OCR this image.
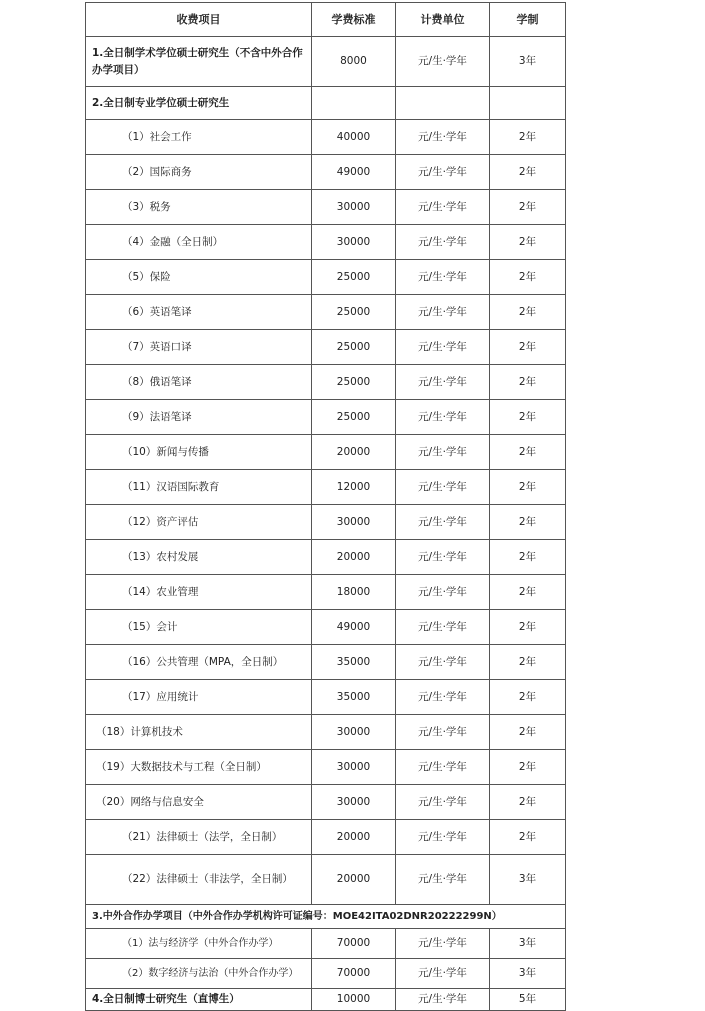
收费项目	学费标准	计费单位	学制
1.全日制学术学位硕士研究生（不含中外合作办学项目）	8000	元/生·学年	3年
2.全日制专业学位硕士研究生			
（1）社会工作	40000	元/生·学年	2年
（2）国际商务	49000	元/生·学年	2年
（3）税务	30000	元/生·学年	2年
（4）金融（全日制）	30000	元/生·学年	2年
（5）保险	25000	元/生·学年	2年
（6）英语笔译	25000	元/生·学年	2年
（7）英语口译	25000	元/生·学年	2年
（8）俄语笔译	25000	元/生·学年	2年
（9）法语笔译	25000	元/生·学年	2年
（10）新闻与传播	20000	元/生·学年	2年
（11）汉语国际教育	12000	元/生·学年	2年
（12）资产评估	30000	元/生·学年	2年
（13）农村发展	20000	元/生·学年	2年
（14）农业管理	18000	元/生·学年	2年
（15）会计	49000	元/生·学年	2年
（16）公共管理（MPA，全日制）	35000	元/生·学年	2年
（17）应用统计	35000	元/生·学年	2年
（18）计算机技术	30000	元/生·学年	2年
（19）大数据技术与工程（全日制）	30000	元/生·学年	2年
（20）网络与信息安全	30000	元/生·学年	2年
（21）法律硕士（法学，全日制）	20000	元/生·学年	2年
（22）法律硕士（非法学，全日制）	20000	元/生·学年	3年
3.中外合作办学项目（中外合作办学机构许可证编号：MOE42ITA02DNR20222299N）			
（1）法与经济学（中外合作办学）	70000	元/生·学年	3年
（2）数字经济与法治（中外合作办学）	70000	元/生·学年	3年
4.全日制博士研究生（直博生）	10000	元/生·学年	5年
